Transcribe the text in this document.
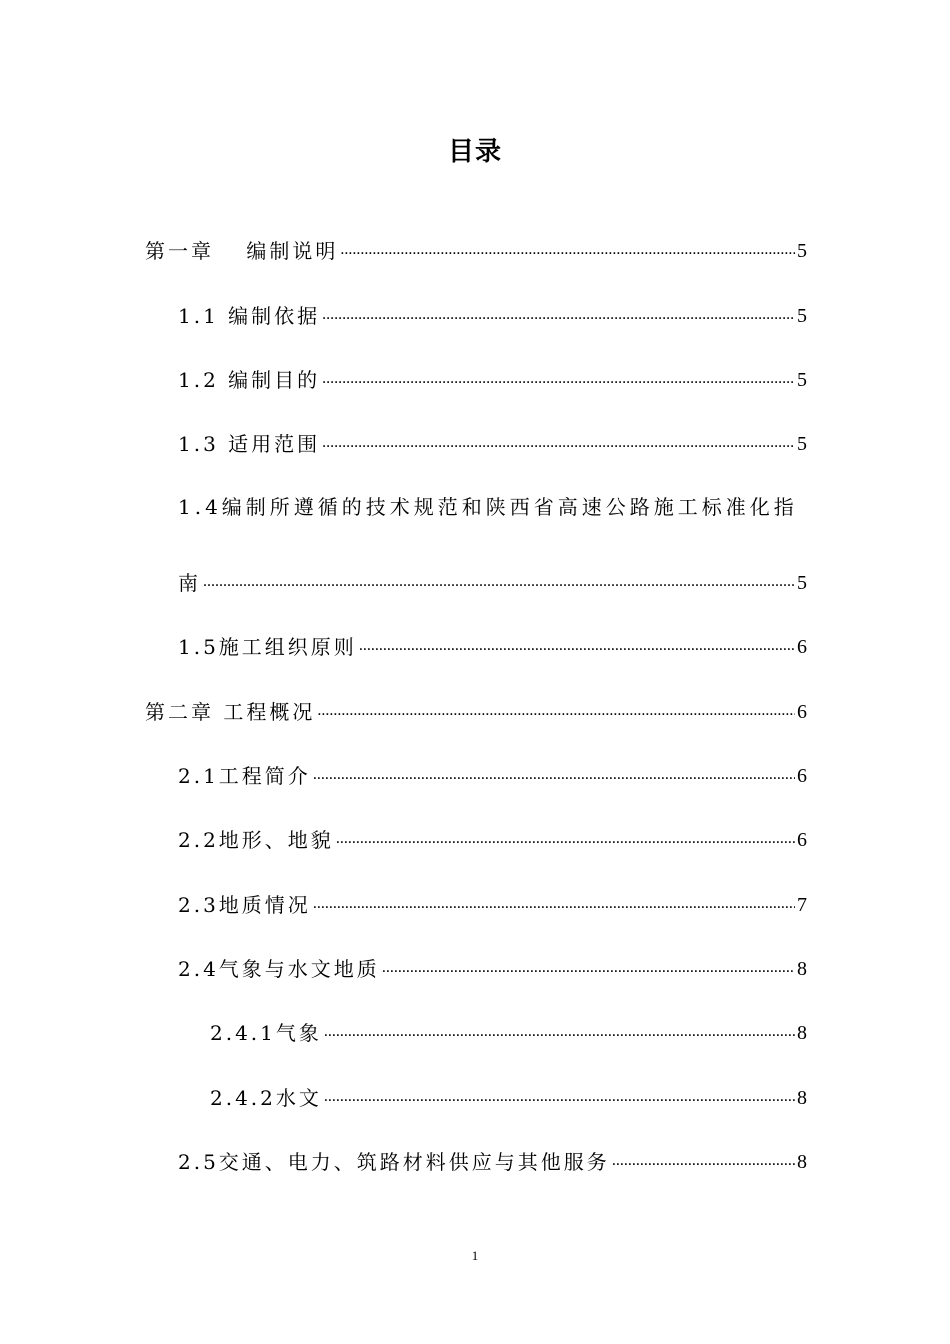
目录
第一章　 编制说明 .....	5
1.1 编制依据 .....	5
1.2 编制目的 .....	5
1.3 适用范围 .....	5
1.4编制所遵循的技术规范和陕西省高速公路施工标准化指
南 .....	5
1.5施工组织原则 .....	6
第二章 工程概况 .....	6
2.1工程简介 .....	6
2.2地形、地貌 .....	6
2.3地质情况 .....	7
2.4气象与水文地质 .....	8
2.4.1气象 .....	8
2.4.2水文 .....	8
2.5交通、电力、筑路材料供应与其他服务 .....	8
1
